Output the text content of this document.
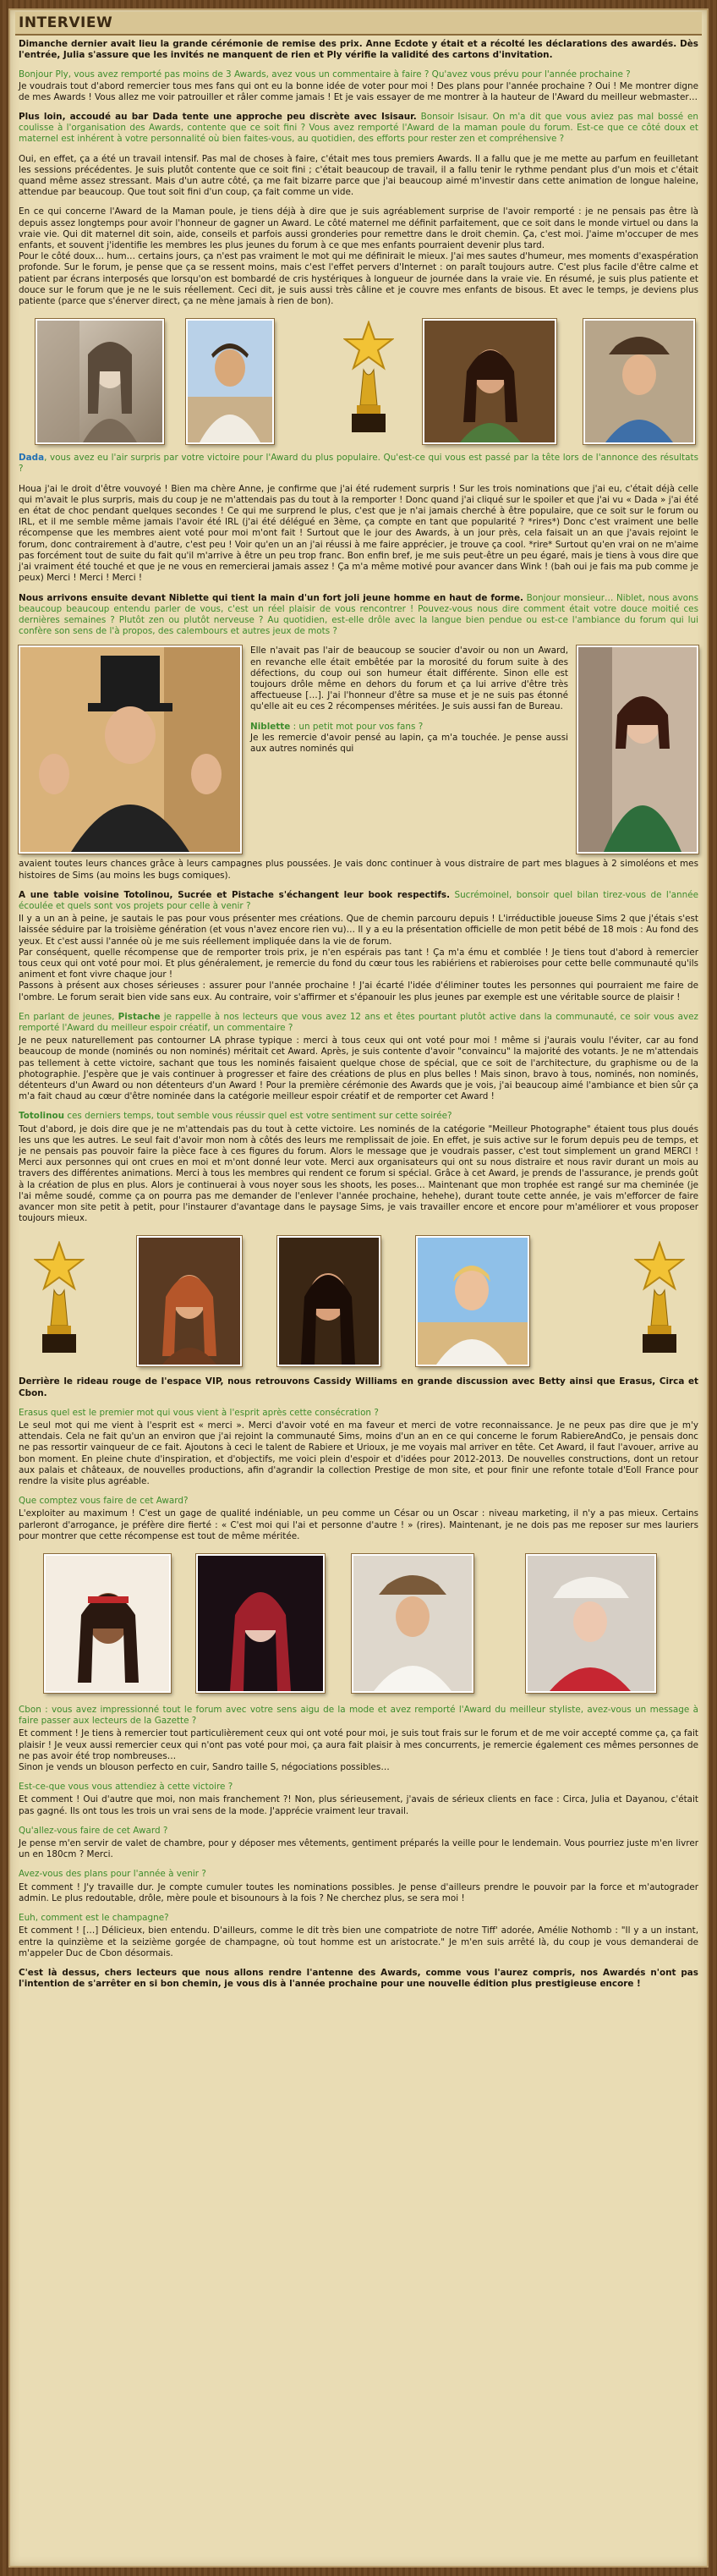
INTERVIEW

Dimanche dernier avait lieu la grande cérémonie de remise des prix. Anne Ecdote y était et a récolté les déclarations des awardés. Dès l'entrée, Julia s'assure que les invités ne manquent de rien et Ply vérifie la validité des cartons d'invitation.

Bonjour Ply, vous avez remporté pas moins de 3 Awards, avez vous un commentaire à faire ? Qu'avez vous prévu pour l'année prochaine ?
Je voudrais tout d'abord remercier tous mes fans qui ont eu la bonne idée de voter pour moi ! Des plans pour l'année prochaine ? Oui ! Me montrer digne de mes Awards ! Vous allez me voir patrouiller et râler comme jamais ! Et je vais essayer de me montrer à la hauteur de l'Award du meilleur webmaster…

Plus loin, accoudé au bar Dada tente une approche peu discrète avec Isisaur. Bonsoir Isisaur. On m'a dit que vous aviez pas mal bossé en coulisse à l'organisation des Awards, contente que ce soit fini ? Vous avez remporté l'Award de la maman poule du forum. Est-ce que ce côté doux et maternel est inhérent à votre personnalité où bien faites-vous, au quotidien, des efforts pour rester zen et compréhensive ?

Oui, en effet, ça a été un travail intensif. Pas mal de choses à faire, c'était mes tous premiers Awards. Il a fallu que je me mette au parfum en feuilletant les sessions précédentes. Je suis plutôt contente que ce soit fini ; c'était beaucoup de travail, il a fallu tenir le rythme pendant plus d'un mois et c'était quand même assez stressant. Mais d'un autre côté, ça me fait bizarre parce que j'ai beaucoup aimé m'investir dans cette animation de longue haleine, attendue par beaucoup. Que tout soit fini d'un coup, ça fait comme un vide.

En ce qui concerne l'Award de la Maman poule, je tiens déjà à dire que je suis agréablement surprise de l'avoir remporté : je ne pensais pas être là depuis assez longtemps pour avoir l'honneur de gagner un Award. Le côté maternel me définit parfaitement, que ce soit dans le monde virtuel ou dans la vraie vie. Qui dit maternel dit soin, aide, conseils et parfois aussi gronderies pour remettre dans le droit chemin. Ça, c'est moi. J'aime m'occuper de mes enfants, et souvent j'identifie les membres les plus jeunes du forum à ce que mes enfants pourraient devenir plus tard.

Pour le côté doux… hum… certains jours, ça n'est pas vraiment le mot qui me définirait le mieux. J'ai mes sautes d'humeur, mes moments d'exaspération profonde. Sur le forum, je pense que ça se ressent moins, mais c'est l'effet pervers d'Internet : on paraît toujours autre. C'est plus facile d'être calme et patient par écrans interposés que lorsqu'on est bombardé de cris hystériques à longueur de journée dans la vraie vie. En résumé, je suis plus patiente et douce sur le forum que je ne le suis réellement. Ceci dit, je suis aussi très câline et je couvre mes enfants de bisous. Et avec le temps, je deviens plus patiente (parce que s'énerver direct, ça ne mène jamais à rien de bon).

Dada, vous avez eu l'air surpris par votre victoire pour l'Award du plus populaire. Qu'est-ce qui vous est passé par la tête lors de l'annonce des résultats ?

Houa j'ai le droit d'être vouvoyé ! Bien ma chère Anne, je confirme que j'ai été rudement surpris ! Sur les trois nominations que j'ai eu, c'était déjà celle qui m'avait le plus surpris, mais du coup je ne m'attendais pas du tout à la remporter ! Donc quand j'ai cliqué sur le spoiler et que j'ai vu « Dada » j'ai été en état de choc pendant quelques secondes ! Ce qui me surprend le plus, c'est que je n'ai jamais cherché à être populaire, que ce soit sur le forum ou IRL, et il me semble même jamais l'avoir été IRL (j'ai été délégué en 3ème, ça compte en tant que popularité ? *rires*) Donc c'est vraiment une belle récompense que les membres aient voté pour moi m'ont fait ! Surtout que le jour des Awards, à un jour près, cela faisait un an que j'avais rejoint le forum, donc contrairement à d'autre, c'est peu ! Voir qu'en un an j'ai réussi à me faire apprécier, je trouve ça cool. *rire* Surtout qu'en vrai on ne m'aime pas forcément tout de suite du fait qu'il m'arrive à être un peu trop franc. Bon enfin bref, je me suis peut-être un peu égaré, mais je tiens à vous dire que j'ai vraiment été touché et que je ne vous en remercierai jamais assez ! Ça m'a même motivé pour avancer dans Wink ! (bah oui je fais ma pub comme je peux) Merci ! Merci ! Merci !

Nous arrivons ensuite devant Niblette qui tient la main d'un fort joli jeune homme en haut de forme. Bonjour monsieur… Niblet, nous avons beaucoup beaucoup entendu parler de vous, c'est un réel plaisir de vous rencontrer ! Pouvez-vous nous dire comment était votre douce moitié ces dernières semaines ? Plutôt zen ou plutôt nerveuse ? Au quotidien, est-elle drôle avec la langue bien pendue ou est-ce l'ambiance du forum qui lui confère son sens de l'à propos, des calembours et autres jeux de mots ?

Elle n'avait pas l'air de beaucoup se soucier d'avoir ou non un Award, en revanche elle était embêtée par la morosité du forum suite à des défections, du coup oui son humeur était différente. Sinon elle est toujours drôle même en dehors du forum et ça lui arrive d'être très affectueuse […]. J'ai l'honneur d'être sa muse et je ne suis pas étonné qu'elle ait eu ces 2 récompenses méritées. Je suis aussi fan de Bureau.

Niblette : un petit mot pour vos fans ?
Je les remercie d'avoir pensé au lapin, ça m'a touchée. Je pense aussi aux autres nominés qui

avaient toutes leurs chances grâce à leurs campagnes plus poussées. Je vais donc continuer à vous distraire de part mes blagues à 2 simoléons et mes histoires de Sims (au moins les bugs comiques).

A une table voisine Totolinou, Sucrée et Pistache s'échangent leur book respectifs. Sucrémoinel, bonsoir quel bilan tirez-vous de l'année écoulée et quels sont vos projets pour celle à venir ?

Il y a un an à peine, je sautais le pas pour vous présenter mes créations. Que de chemin parcouru depuis ! L'irréductible joueuse Sims 2 que j'étais s'est laissée séduire par la troisième génération (et vous n'avez encore rien vu)… Il y a eu la présentation officielle de mon petit bébé de 18 mois : Au fond des yeux. Et c'est aussi l'année où je me suis réellement impliquée dans la vie de forum.

Par conséquent, quelle récompense que de remporter trois prix, je n'en espérais pas tant ! Ça m'a ému et comblée ! Je tiens tout d'abord à remercier tous ceux qui ont voté pour moi. Et plus généralement, je remercie du fond du cœur tous les rabiériens et rabieroises pour cette belle communauté qu'ils animent et font vivre chaque jour !

Passons à présent aux choses sérieuses : assurer pour l'année prochaine ! J'ai écarté l'idée d'éliminer toutes les personnes qui pourraient me faire de l'ombre. Le forum serait bien vide sans eux. Au contraire, voir s'affirmer et s'épanouir les plus jeunes par exemple est une véritable source de plaisir !

En parlant de jeunes, Pistache je rappelle à nos lecteurs que vous avez 12 ans et êtes pourtant plutôt active dans la communauté, ce soir vous avez remporté l'Award du meilleur espoir créatif, un commentaire ?

Je ne peux naturellement pas contourner LA phrase typique : merci à tous ceux qui ont voté pour moi ! même si j'aurais voulu l'éviter, car au fond beaucoup de monde (nominés ou non nominés) méritait cet Award. Après, je suis contente d'avoir "convaincu" la majorité des votants. Je ne m'attendais pas tellement à cette victoire, sachant que tous les nominés faisaient quelque chose de spécial, que ce soit de l'architecture, du graphisme ou de la photographie. J'espère que je vais continuer à progresser et faire des créations de plus en plus belles ! Mais sinon, bravo à tous, nominés, non nominés, détenteurs d'un Award ou non détenteurs d'un Award ! Pour la première cérémonie des Awards que je vois, j'ai beaucoup aimé l'ambiance et bien sûr ça m'a fait chaud au cœur d'être nominée dans la catégorie meilleur espoir créatif et de remporter cet Award !

Totolinou ces derniers temps, tout semble vous réussir quel est votre sentiment sur cette soirée?

Tout d'abord, je dois dire que je ne m'attendais pas du tout à cette victoire. Les nominés de la catégorie "Meilleur Photographe" étaient tous plus doués les uns que les autres. Le seul fait d'avoir mon nom à côtés des leurs me remplissait de joie. En effet, je suis active sur le forum depuis peu de temps, et je ne pensais pas pouvoir faire la pièce face à ces figures du forum. Alors le message que je voudrais passer, c'est tout simplement un grand MERCI ! Merci aux personnes qui ont crues en moi et m'ont donné leur vote. Merci aux organisateurs qui ont su nous distraire et nous ravir durant un mois au travers des différentes animations. Merci à tous les membres qui rendent ce forum si spécial. Grâce à cet Award, je prends de l'assurance, je prends goût à la création de plus en plus. Alors je continuerai à vous noyer sous les shoots, les poses… Maintenant que mon trophée est rangé sur ma cheminée (je l'ai même soudé, comme ça on pourra pas me demander de l'enlever l'année prochaine, hehehe), durant toute cette année, je vais m'efforcer de faire avancer mon site petit à petit, pour l'instaurer d'avantage dans le paysage Sims, je vais travailler encore et encore pour m'améliorer et vous proposer toujours mieux.

Derrière le rideau rouge de l'espace VIP, nous retrouvons Cassidy Williams en grande discussion avec Betty ainsi que Erasus, Circa et Cbon.

Erasus quel est le premier mot qui vous vient à l'esprit après cette consécration ?

Le seul mot qui me vient à l'esprit est « merci ». Merci d'avoir voté en ma faveur et merci de votre reconnaissance. Je ne peux pas dire que je m'y attendais. Cela ne fait qu'un an environ que j'ai rejoint la communauté Sims, moins d'un an en ce qui concerne le forum RabiereAndCo, je pensais donc ne pas ressortir vainqueur de ce fait. Ajoutons à ceci le talent de Rabiere et Urioux, je me voyais mal arriver en tête. Cet Award, il faut l'avouer, arrive au bon moment. En pleine chute d'inspiration, et d'objectifs, me voici plein d'espoir et d'idées pour 2012-2013. De nouvelles constructions, dont un retour aux palais et châteaux, de nouvelles productions, afin d'agrandir la collection Prestige de mon site, et pour finir une refonte totale d'Eoll France pour rendre la visite plus agréable.

Que comptez vous faire de cet Award?

L'exploiter au maximum ! C'est un gage de qualité indéniable, un peu comme un César ou un Oscar : niveau marketing, il n'y a pas mieux. Certains parleront d'arrogance, je préfère dire fierté : « C'est moi qui l'ai et personne d'autre ! » (rires). Maintenant, je ne dois pas me reposer sur mes lauriers pour montrer que cette récompense est tout de même méritée.

Cbon : vous avez impressionné tout le forum avec votre sens aigu de la mode et avez remporté l'Award du meilleur styliste, avez-vous un message à faire passer aux lecteurs de la Gazette ?

Et comment ! Je tiens à remercier tout particulièrement ceux qui ont voté pour moi, je suis tout frais sur le forum et de me voir accepté comme ça, ça fait plaisir ! Je veux aussi remercier ceux qui n'ont pas voté pour moi, ça aura fait plaisir à mes concurrents, je remercie également ces mêmes personnes de ne pas avoir été trop nombreuses…

Sinon je vends un blouson perfecto en cuir, Sandro taille S, négociations possibles…

Est-ce-que vous vous attendiez à cette victoire ?

Et comment ! Oui d'autre que moi, non mais franchement ?! Non, plus sérieusement, j'avais de sérieux clients en face : Circa, Julia et Dayanou, c'était pas gagné. Ils ont tous les trois un vrai sens de la mode. J'apprécie vraiment leur travail.

Qu'allez-vous faire de cet Award ?

Je pense m'en servir de valet de chambre, pour y déposer mes vêtements, gentiment préparés la veille pour le lendemain. Vous pourriez juste m'en livrer un en 180cm ? Merci.

Avez-vous des plans pour l'année à venir ?

Et comment ! J'y travaille dur. Je compte cumuler toutes les nominations possibles. Je pense d'ailleurs prendre le pouvoir par la force et m'autograder admin. Le plus redoutable, drôle, mère poule et bisounours à la fois ? Ne cherchez plus, se sera moi !

Euh, comment est le champagne?

Et comment ! […] Délicieux, bien entendu. D'ailleurs, comme le dit très bien une compatriote de notre Tiff' adorée, Amélie Nothomb : "Il y a un instant, entre la quinzième et la seizième gorgée de champagne, où tout homme est un aristocrate." Je m'en suis arrêté là, du coup je vous demanderai de m'appeler Duc de Cbon désormais.

C'est là dessus, chers lecteurs que nous allons rendre l'antenne des Awards, comme vous l'aurez compris, nos Awardés n'ont pas l'intention de s'arrêter en si bon chemin, je vous dis à l'année prochaine pour une nouvelle édition plus prestigieuse encore !
